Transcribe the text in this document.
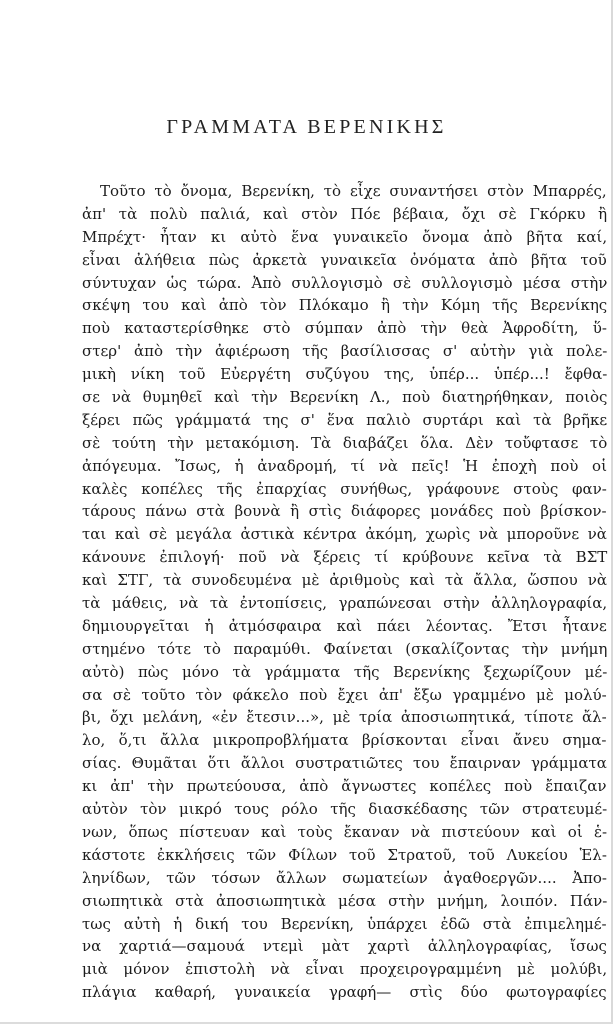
ΓΡΑΜΜΑΤΑ ΒΕΡΕΝΙΚΗΣ
Τοῦτο τὸ ὄνομα, Βερενίκη, τὸ εἶχε συναντήσει στὸν Μπαρρές,
ἀπ' τὰ πολὺ παλιά, καὶ στὸν Πόε βέβαια, ὄχι σὲ Γκόρκυ ἢ
Μπρέχτ· ἦταν κι αὐτὸ ἕνα γυναικεῖο ὄνομα ἀπὸ βῆτα καί,
εἶναι ἀλήθεια πὼς ἀρκετὰ γυναικεῖα ὀνόματα ἀπὸ βῆτα τοῦ
σύντυχαν ὡς τώρα. Ἀπὸ συλλογισμὸ σὲ συλλογισμὸ μέσα στὴν
σκέψη του καὶ ἀπὸ τὸν Πλόκαμο ἢ τὴν Κόμη τῆς Βερενίκης
ποὺ καταστερίσθηκε στὸ σύμπαν ἀπὸ τὴν θεὰ Ἀφροδίτη, ὕ-
στερ' ἀπὸ τὴν ἀφιέρωση τῆς βασίλισσας σ' αὐτὴν γιὰ πολε-
μικὴ νίκη τοῦ Εὐεργέτη συζύγου της, ὑπέρ... ὑπέρ...! ἔφθα-
σε νὰ θυμηθεῖ καὶ τὴν Βερενίκη Λ., ποὺ διατηρήθηκαν, ποιὸς
ξέρει πῶς γράμματά της σ' ἕνα παλιὸ συρτάρι καὶ τὰ βρῆκε
σὲ τούτη τὴν μετακόμιση. Τὰ διαβάζει ὅλα. Δὲν τοὔφτασε τὸ
ἀπόγευμα. Ἴσως, ἡ ἀναδρομή, τί νὰ πεῖς! Ἡ ἐποχὴ ποὺ οἱ
καλὲς κοπέλες τῆς ἐπαρχίας συνήθως, γράφουνε στοὺς φαν-
τάρους πάνω στὰ βουνὰ ἢ στὶς διάφορες μονάδες ποὺ βρίσκον-
ται καὶ σὲ μεγάλα ἀστικὰ κέντρα ἀκόμη, χωρὶς νὰ μποροῦνε νὰ
κάνουνε ἐπιλογή· ποῦ νὰ ξέρεις τί κρύβουνε κεῖνα τὰ ΒΣΤ
καὶ ΣΤΓ, τὰ συνοδευμένα μὲ ἀριθμοὺς καὶ τὰ ἄλλα, ὥσπου νὰ
τὰ μάθεις, νὰ τὰ ἐντοπίσεις, γραπώνεσαι στὴν ἀλληλογραφία,
δημιουργεῖται ἡ ἀτμόσφαιρα καὶ πάει λέοντας. Ἔτσι ἦτανε
στημένο τότε τὸ παραμύθι. Φαίνεται (σκαλίζοντας τὴν μνήμη
αὐτὸ) πὼς μόνο τὰ γράμματα τῆς Βερενίκης ξεχωρίζουν μέ-
σα σὲ τοῦτο τὸν φάκελο ποὺ ἔχει ἀπ' ἔξω γραμμένο μὲ μολύ-
βι, ὄχι μελάνη, «ἐν ἔτεσιν...», μὲ τρία ἀποσιωπητικά, τίποτε ἄλ-
λο, ὅ,τι ἄλλα μικροπροβλήματα βρίσκονται εἶναι ἄνευ σημα-
σίας. Θυμᾶται ὅτι ἄλλοι συστρατιῶτες του ἔπαιρναν γράμματα
κι ἀπ' τὴν πρωτεύουσα, ἀπὸ ἄγνωστες κοπέλες ποὺ ἔπαιζαν
αὐτὸν τὸν μικρό τους ρόλο τῆς διασκέδασης τῶν στρατευμέ-
νων, ὅπως πίστευαν καὶ τοὺς ἔκαναν νὰ πιστεύουν καὶ οἱ ἑ-
κάστοτε ἐκκλήσεις τῶν Φίλων τοῦ Στρατοῦ, τοῦ Λυκείου Ἑλ-
ληνίδων, τῶν τόσων ἄλλων σωματείων ἀγαθοεργῶν.... Ἀπο-
σιωπητικὰ στὰ ἀποσιωπητικὰ μέσα στὴν μνήμη, λοιπόν. Πάν-
τως αὐτὴ ἡ δική του Βερενίκη, ὑπάρχει ἐδῶ στὰ ἐπιμελημέ-
να χαρτιά—σαμουά ντεμὶ μὰτ χαρτὶ ἀλληλογραφίας, ἴσως
μιὰ μόνον ἐπιστολὴ νὰ εἶναι προχειρογραμμένη μὲ μολύβι,
πλάγια καθαρή, γυναικεία γραφή— στὶς δύο φωτογραφίες
